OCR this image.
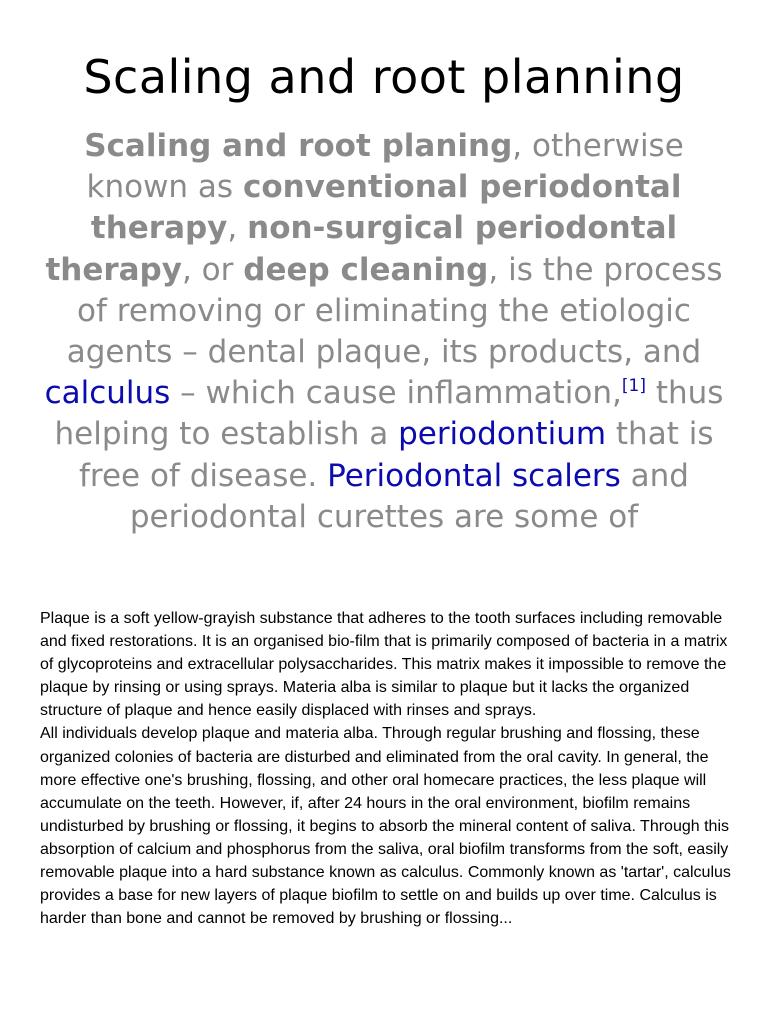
Scaling and root planning

Scaling and root planing, otherwise known as conventional periodontal therapy, non-surgical periodontal therapy, or deep cleaning, is the process of removing or eliminating the etiologic agents – dental plaque, its products, and calculus – which cause inflammation,[1] thus helping to establish a periodontium that is free of disease. Periodontal scalers and periodontal curettes are some of

Plaque is a soft yellow-grayish substance that adheres to the tooth surfaces including removable and fixed restorations. It is an organised bio-film that is primarily composed of bacteria in a matrix of glycoproteins and extracellular polysaccharides. This matrix makes it impossible to remove the plaque by rinsing or using sprays. Materia alba is similar to plaque but it lacks the organized structure of plaque and hence easily displaced with rinses and sprays.

All individuals develop plaque and materia alba. Through regular brushing and flossing, these organized colonies of bacteria are disturbed and eliminated from the oral cavity. In general, the more effective one's brushing, flossing, and other oral homecare practices, the less plaque will accumulate on the teeth. However, if, after 24 hours in the oral environment, biofilm remains undisturbed by brushing or flossing, it begins to absorb the mineral content of saliva. Through this absorption of calcium and phosphorus from the saliva, oral biofilm transforms from the soft, easily removable plaque into a hard substance known as calculus. Commonly known as 'tartar', calculus provides a base for new layers of plaque biofilm to settle on and builds up over time. Calculus is harder than bone and cannot be removed by brushing or flossing...
